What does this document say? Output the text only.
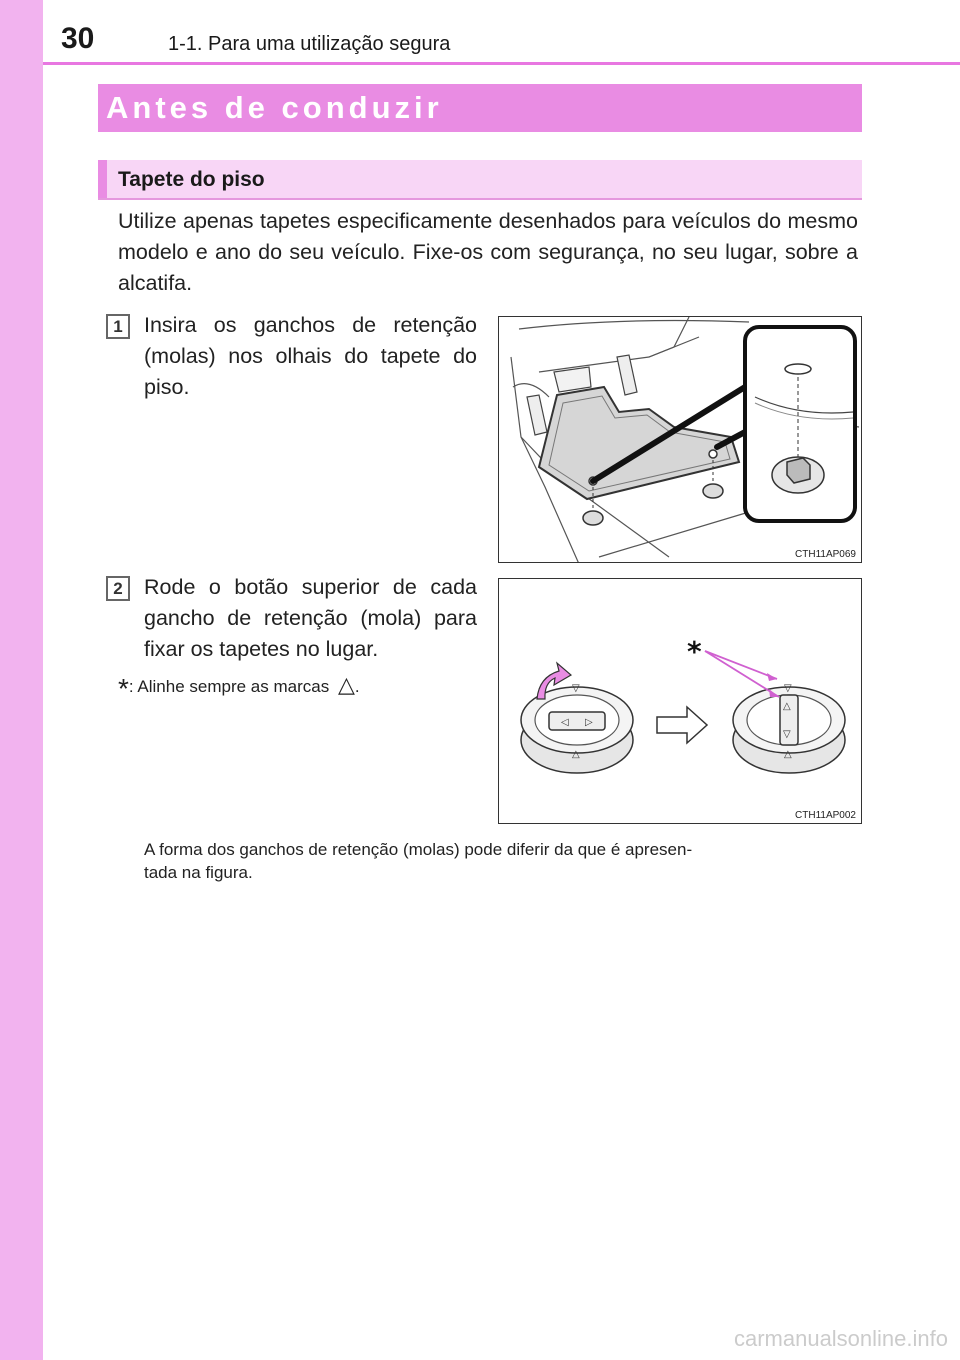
30	1-1. Para uma utilização segura
Antes de conduzir
Tapete do piso
Utilize apenas tapetes especificamente desenhados para veículos do mesmo modelo e ano do seu veículo. Fixe-os com segurança, no seu lugar, sobre a alcatifa.
1 Insira os ganchos de retenção (molas) nos olhais do tapete do piso.
2 Rode o botão superior de cada gancho de retenção (mola) para fixar os tapetes no lugar.
*: Alinhe sempre as marcas △.
CTH11AP069
◁ ▷
▽
△
△
▽
▽
△
*
CTH11AP002
A forma dos ganchos de retenção (molas) pode diferir da que é apresen-
tada na figura.
carmanualsonline.info
